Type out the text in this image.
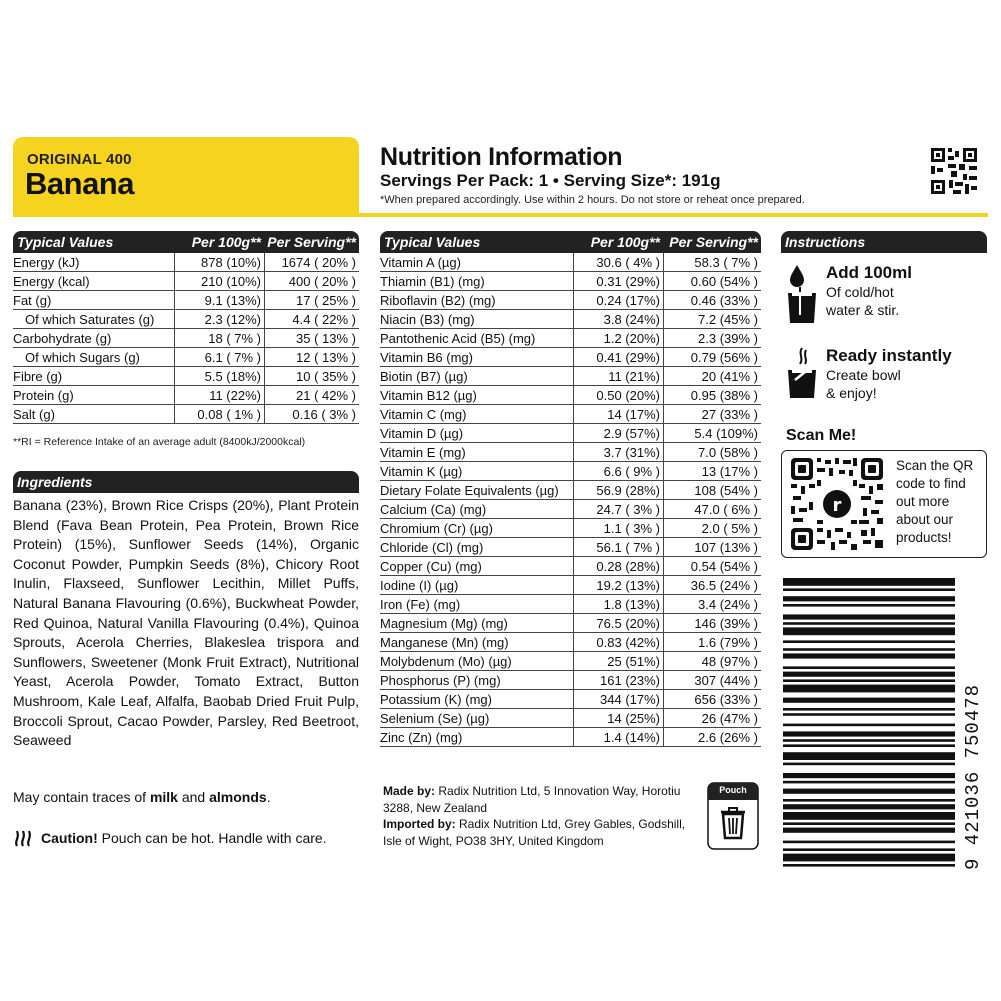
ORIGINAL 400
Banana
Nutrition Information
Servings Per Pack: 1 • Serving Size*: 191g
*When prepared accordingly. Use within 2 hours. Do not store or reheat once prepared.
Typical Values	Per 100g** Per Serving**
Energy (kJ)	878 (10%)	1674 ( 20% )
Energy (kcal)	210 (10%)	400 ( 20% )
Fat (g)	9.1 (13%)	17 ( 25% )
Of which Saturates (g)	2.3 (12%)	4.4 ( 22% )
Carbohydrate (g)	18 ( 7% )	35 ( 13% )
Of which Sugars (g)	6.1 ( 7% )	12 ( 13% )
Fibre (g)	5.5 (18%)	10 ( 35% )
Protein (g)	11 (22%)	21 ( 42% )
Salt (g)	0.08 ( 1% )	0.16 ( 3% )
**RI = Reference Intake of an average adult (8400kJ/2000kcal)
Typical Values	Per 100g** Per Serving**
Vitamin A (µg)	30.6 ( 4% )	58.3 ( 7% )
Thiamin (B1) (mg)	0.31 (29%)	0.60 (54% )
Riboflavin (B2) (mg)	0.24 (17%)	0.46 (33% )
Niacin (B3) (mg)	3.8 (24%)	7.2 (45% )
Pantothenic Acid (B5) (mg)	1.2 (20%)	2.3 (39% )
Vitamin B6 (mg)	0.41 (29%)	0.79 (56% )
Biotin (B7) (µg)	11 (21%)	20 (41% )
Vitamin B12 (µg)	0.50 (20%)	0.95 (38% )
Vitamin C (mg)	14 (17%)	27 (33% )
Vitamin D (µg)	2.9 (57%)	5.4 (109%)
Vitamin E (mg)	3.7 (31%)	7.0 (58% )
Vitamin K (µg)	6.6 ( 9% )	13 (17% )
Dietary Folate Equivalents (µg)	56.9 (28%)	108 (54% )
Calcium (Ca) (mg)	24.7 ( 3% )	47.0 ( 6% )
Chromium (Cr) (µg)	1.1 ( 3% )	2.0 ( 5% )
Chloride (Cl) (mg)	56.1 ( 7% )	107 (13% )
Copper (Cu) (mg)	0.28 (28%)	0.54 (54% )
Iodine (I) (µg)	19.2 (13%)	36.5 (24% )
Iron (Fe) (mg)	1.8 (13%)	3.4 (24% )
Magnesium (Mg) (mg)	76.5 (20%)	146 (39% )
Manganese (Mn) (mg)	0.83 (42%)	1.6 (79% )
Molybdenum (Mo) (µg)	25 (51%)	48 (97% )
Phosphorus (P) (mg)	161 (23%)	307 (44% )
Potassium (K) (mg)	344 (17%)	656 (33% )
Selenium (Se) (µg)	14 (25%)	26 (47% )
Zinc (Zn) (mg)	1.4 (14%)	2.6 (26% )
Ingredients
Banana (23%), Brown Rice Crisps (20%), Plant Protein Blend (Fava Bean Protein, Pea Protein, Brown Rice Protein) (15%), Sunflower Seeds (14%), Organic Coconut Powder, Pumpkin Seeds (8%), Chicory Root Inulin, Flaxseed, Sunflower Lecithin, Millet Puffs, Natural Banana Flavouring (0.6%), Buckwheat Powder, Red Quinoa, Natural Vanilla Flavouring (0.4%), Quinoa Sprouts, Acerola Cherries, Blakeslea trispora and Sunflowers, Sweetener (Monk Fruit Extract), Nutritional Yeast, Acerola Powder, Tomato Extract, Button Mushroom, Kale Leaf, Alfalfa, Baobab Dried Fruit Pulp, Broccoli Sprout, Cacao Powder, Parsley, Red Beetroot, Seaweed
May contain traces of milk and almonds.
Caution! Pouch can be hot. Handle with care.
Made by: Radix Nutrition Ltd, 5 Innovation Way, Horotiu 3288, New Zealand
Imported by: Radix Nutrition Ltd, Grey Gables, Godshill, Isle of Wight, PO38 3HY, United Kingdom
Pouch
Instructions
Add 100ml
Of cold/hot
water & stir.
Ready instantly
Create bowl
& enjoy!
Scan Me!
r
Scan the QR code to find out more about our products!
9 421036 750478
